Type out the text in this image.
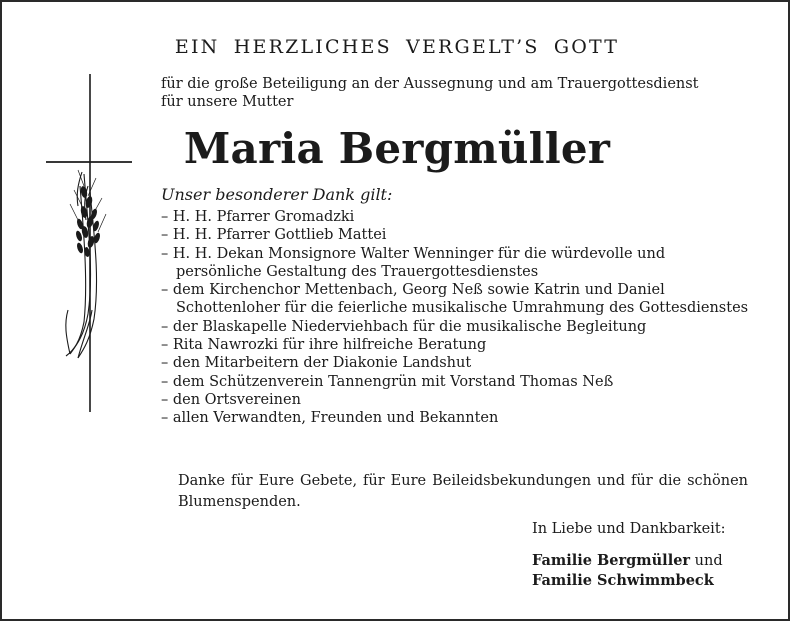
EIN HERZLICHES VERGELT’S GOTT

für die große Beteiligung an der Aussegnung und am Trauergottesdienst
für unsere Mutter

Maria Bergmüller

Unser besonderer Dank gilt:

– H. H. Pfarrer Gromadzki
– H. H. Pfarrer Gottlieb Mattei
– H. H. Dekan Monsignore Walter Wenninger für die würdevolle und persönliche Gestaltung des Trauergottesdienstes
– dem Kirchenchor Mettenbach, Georg Neß sowie Katrin und Daniel Schottenloher für die feierliche musikalische Umrahmung des Gottesdienstes
– der Blaskapelle Niederviehbach für die musikalische Begleitung
– Rita Nawrozki für ihre hilfreiche Beratung
– den Mitarbeitern der Diakonie Landshut
– dem Schützenverein Tannengrün mit Vorstand Thomas Neß
– den Ortsvereinen
– allen Verwandten, Freunden und Bekannten

Danke für Eure Gebete, für Eure Beileidsbekundungen und für die schönen Blumenspenden.

In Liebe und Dankbarkeit:

Familie Bergmüller und
Familie Schwimmbeck
